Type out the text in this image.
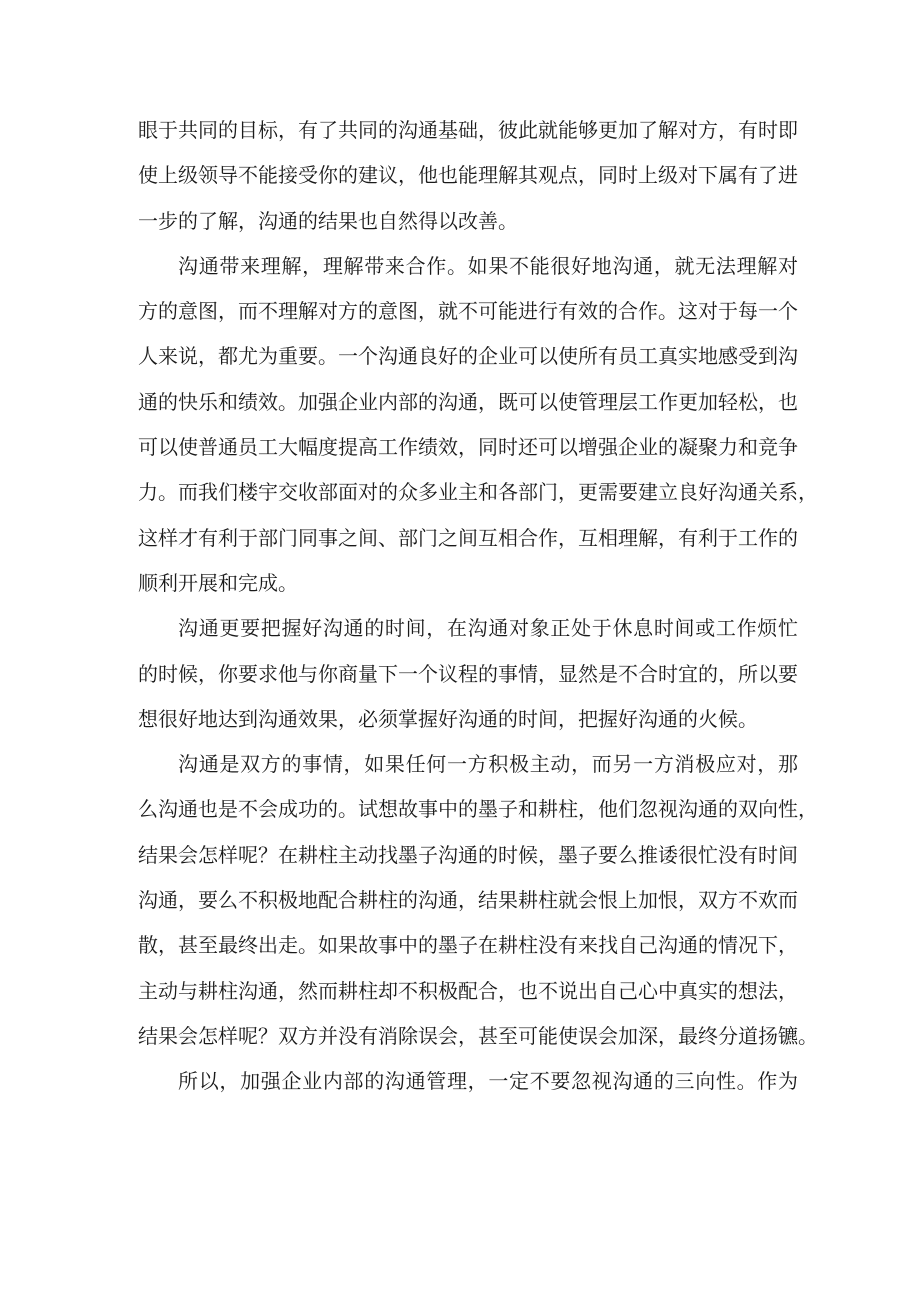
眼于共同的目标，有了共同的沟通基础，彼此就能够更加了解对方，有时即
使上级领导不能接受你的建议，他也能理解其观点，同时上级对下属有了进
一步的了解，沟通的结果也自然得以改善。
沟通带来理解，理解带来合作。如果不能很好地沟通，就无法理解对
方的意图，而不理解对方的意图，就不可能进行有效的合作。这对于每一个
人来说，都尤为重要。一个沟通良好的企业可以使所有员工真实地感受到沟
通的快乐和绩效。加强企业内部的沟通，既可以使管理层工作更加轻松，也
可以使普通员工大幅度提高工作绩效，同时还可以增强企业的凝聚力和竞争
力。而我们楼宇交收部面对的众多业主和各部门，更需要建立良好沟通关系，
这样才有利于部门同事之间、部门之间互相合作，互相理解，有利于工作的
顺利开展和完成。
沟通更要把握好沟通的时间，在沟通对象正处于休息时间或工作烦忙
的时候，你要求他与你商量下一个议程的事情，显然是不合时宜的，所以要
想很好地达到沟通效果，必须掌握好沟通的时间，把握好沟通的火候。
沟通是双方的事情，如果任何一方积极主动，而另一方消极应对，那
么沟通也是不会成功的。试想故事中的墨子和耕柱，他们忽视沟通的双向性，
结果会怎样呢？在耕柱主动找墨子沟通的时候，墨子要么推诿很忙没有时间
沟通，要么不积极地配合耕柱的沟通，结果耕柱就会恨上加恨，双方不欢而
散，甚至最终出走。如果故事中的墨子在耕柱没有来找自己沟通的情况下，
主动与耕柱沟通，然而耕柱却不积极配合，也不说出自己心中真实的想法，
结果会怎样呢？双方并没有消除误会，甚至可能使误会加深，最终分道扬镳。
所以，加强企业内部的沟通管理，一定不要忽视沟通的三向性。作为
